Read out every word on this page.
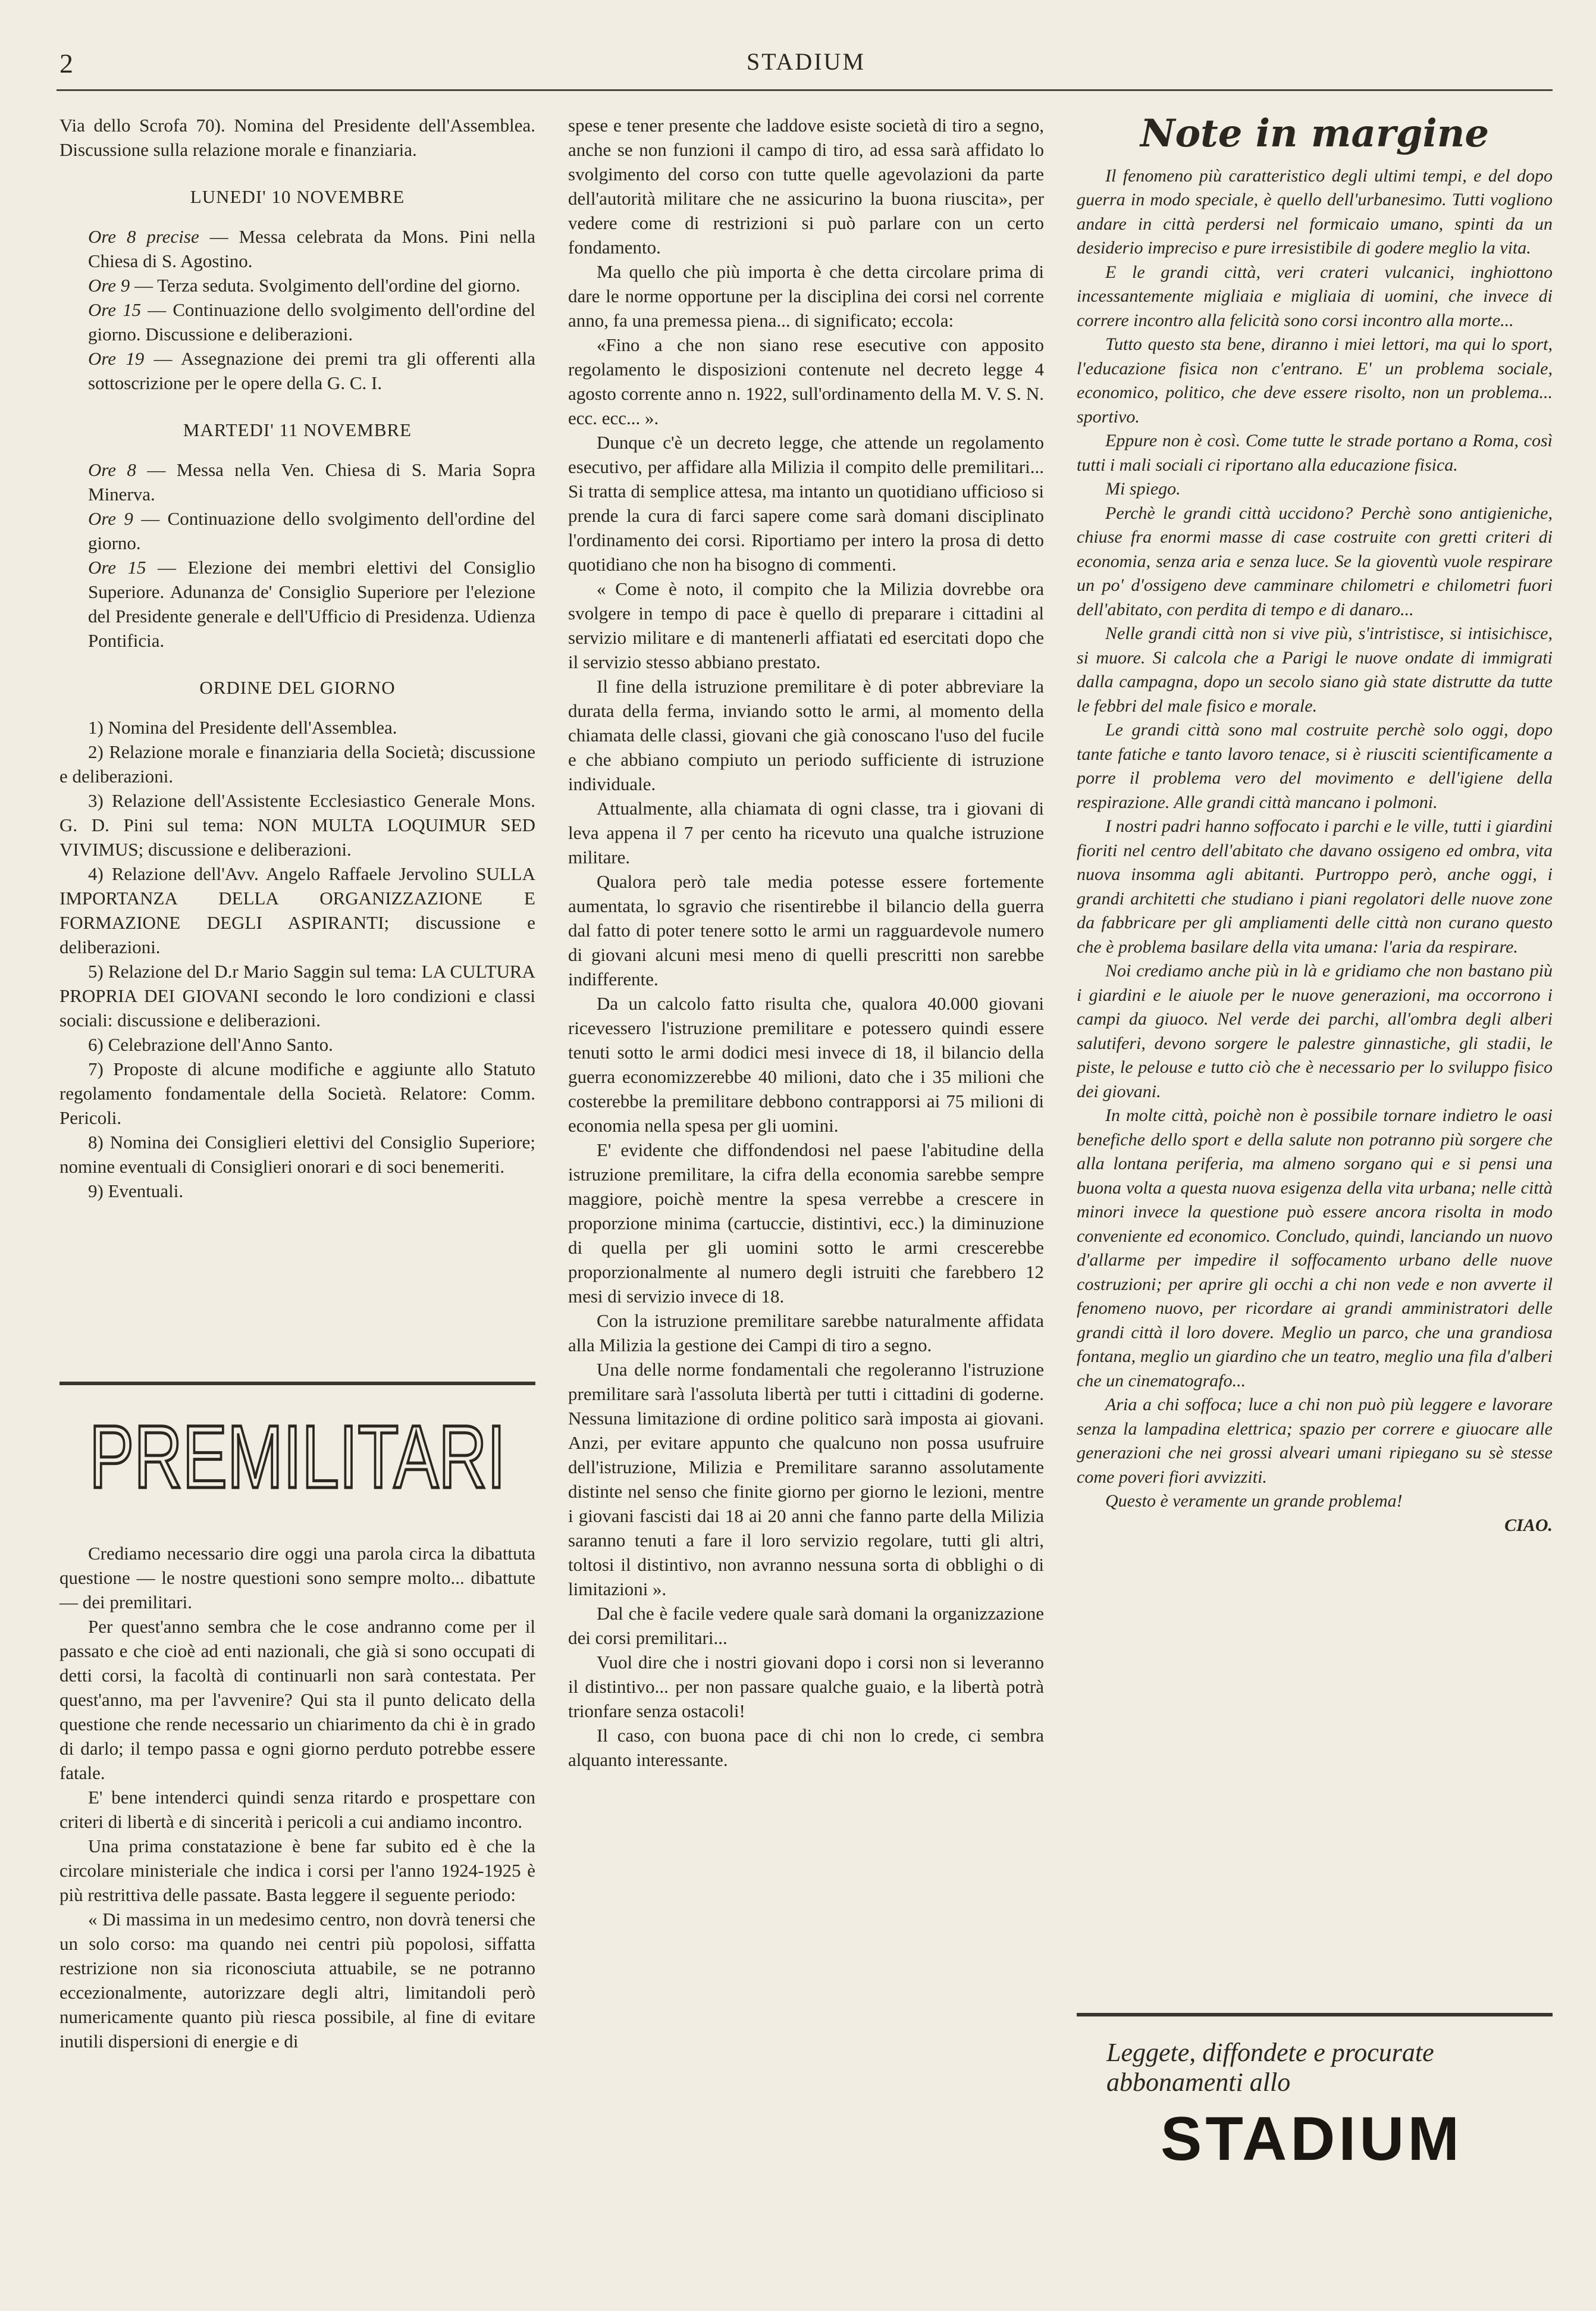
2	STADIUM

Via dello Scrofa 70). Nomina del Presidente dell'Assemblea. Discussione sulla relazione morale e finanziaria.

LUNEDI' 10 NOVEMBRE

Ore 8 precise — Messa celebrata da Mons. Pini nella Chiesa di S. Agostino.

Ore 9 — Terza seduta. Svolgimento dell'ordine del giorno.

Ore 15 — Continuazione dello svolgimento dell'ordine del giorno. Discussione e deliberazioni.

Ore 19 — Assegnazione dei premi tra gli offerenti alla sottoscrizione per le opere della G. C. I.

MARTEDI' 11 NOVEMBRE

Ore 8 — Messa nella Ven. Chiesa di S. Maria Sopra Minerva.

Ore 9 — Continuazione dello svolgimento dell'ordine del giorno.

Ore 15 — Elezione dei membri elettivi del Consiglio Superiore. Adunanza de' Consiglio Superiore per l'elezione del Presidente generale e dell'Ufficio di Presidenza. Udienza Pontificia.

ORDINE DEL GIORNO

1) Nomina del Presidente dell'Assemblea.

2) Relazione morale e finanziaria della Società; discussione e deliberazioni.

3) Relazione dell'Assistente Ecclesiastico Generale Mons. G. D. Pini sul tema: NON MULTA LOQUIMUR SED VIVIMUS; discussione e deliberazioni.

4) Relazione dell'Avv. Angelo Raffaele Jervolino SULLA IMPORTANZA DELLA ORGANIZZAZIONE E FORMAZIONE DEGLI ASPIRANTI; discussione e deliberazioni.

5) Relazione del D.r Mario Saggin sul tema: LA CULTURA PROPRIA DEI GIOVANI secondo le loro condizioni e classi sociali: discussione e deliberazioni.

6) Celebrazione dell'Anno Santo.

7) Proposte di alcune modifiche e aggiunte allo Statuto regolamento fondamentale della Società. Relatore: Comm. Pericoli.

8) Nomina dei Consiglieri elettivi del Consiglio Superiore; nomine eventuali di Consiglieri onorari e di soci benemeriti.

9) Eventuali.

PREMILITARI

Crediamo necessario dire oggi una parola circa la dibattuta questione — le nostre questioni sono sempre molto... dibattute — dei premilitari.

Per quest'anno sembra che le cose andranno come per il passato e che cioè ad enti nazionali, che già si sono occupati di detti corsi, la facoltà di continuarli non sarà contestata. Per quest'anno, ma per l'avvenire? Qui sta il punto delicato della questione che rende necessario un chiarimento da chi è in grado di darlo; il tempo passa e ogni giorno perduto potrebbe essere fatale.

E' bene intenderci quindi senza ritardo e prospettare con criteri di libertà e di sincerità i pericoli a cui andiamo incontro.

Una prima constatazione è bene far subito ed è che la circolare ministeriale che indica i corsi per l'anno 1924-1925 è più restrittiva delle passate. Basta leggere il seguente periodo:

« Di massima in un medesimo centro, non dovrà tenersi che un solo corso: ma quando nei centri più popolosi, siffatta restrizione non sia riconosciuta attuabile, se ne potranno eccezionalmente, autorizzare degli altri, limitandoli però numericamente quanto più riesca possibile, al fine di evitare inutili dispersioni di energie e di

spese e tener presente che laddove esiste società di tiro a segno, anche se non funzioni il campo di tiro, ad essa sarà affidato lo svolgimento del corso con tutte quelle agevolazioni da parte dell'autorità militare che ne assicurino la buona riuscita», per vedere come di restrizioni si può parlare con un certo fondamento.

Ma quello che più importa è che detta circolare prima di dare le norme opportune per la disciplina dei corsi nel corrente anno, fa una premessa piena... di significato; eccola:

«Fino a che non siano rese esecutive con apposito regolamento le disposizioni contenute nel decreto legge 4 agosto corrente anno n. 1922, sull'ordinamento della M. V. S. N. ecc. ecc... ».

Dunque c'è un decreto legge, che attende un regolamento esecutivo, per affidare alla Milizia il compito delle premilitari... Si tratta di semplice attesa, ma intanto un quotidiano ufficioso si prende la cura di farci sapere come sarà domani disciplinato l'ordinamento dei corsi. Riportiamo per intero la prosa di detto quotidiano che non ha bisogno di commenti.

« Come è noto, il compito che la Milizia dovrebbe ora svolgere in tempo di pace è quello di preparare i cittadini al servizio militare e di mantenerli affiatati ed esercitati dopo che il servizio stesso abbiano prestato.

Il fine della istruzione premilitare è di poter abbreviare la durata della ferma, inviando sotto le armi, al momento della chiamata delle classi, giovani che già conoscano l'uso del fucile e che abbiano compiuto un periodo sufficiente di istruzione individuale.

Attualmente, alla chiamata di ogni classe, tra i giovani di leva appena il 7 per cento ha ricevuto una qualche istruzione militare.

Qualora però tale media potesse essere fortemente aumentata, lo sgravio che risentirebbe il bilancio della guerra dal fatto di poter tenere sotto le armi un ragguardevole numero di giovani alcuni mesi meno di quelli prescritti non sarebbe indifferente.

Da un calcolo fatto risulta che, qualora 40.000 giovani ricevessero l'istruzione premilitare e potessero quindi essere tenuti sotto le armi dodici mesi invece di 18, il bilancio della guerra economizzerebbe 40 milioni, dato che i 35 milioni che costerebbe la premilitare debbono contrapporsi ai 75 milioni di economia nella spesa per gli uomini.

E' evidente che diffondendosi nel paese l'abitudine della istruzione premilitare, la cifra della economia sarebbe sempre maggiore, poichè mentre la spesa verrebbe a crescere in proporzione minima (cartuccie, distintivi, ecc.) la diminuzione di quella per gli uomini sotto le armi crescerebbe proporzionalmente al numero degli istruiti che farebbero 12 mesi di servizio invece di 18.

Con la istruzione premilitare sarebbe naturalmente affidata alla Milizia la gestione dei Campi di tiro a segno.

Una delle norme fondamentali che regoleranno l'istruzione premilitare sarà l'assoluta libertà per tutti i cittadini di goderne. Nessuna limitazione di ordine politico sarà imposta ai giovani. Anzi, per evitare appunto che qualcuno non possa usufruire dell'istruzione, Milizia e Premilitare saranno assolutamente distinte nel senso che finite giorno per giorno le lezioni, mentre i giovani fascisti dai 18 ai 20 anni che fanno parte della Milizia saranno tenuti a fare il loro servizio regolare, tutti gli altri, toltosi il distintivo, non avranno nessuna sorta di obblighi o di limitazioni ».

Dal che è facile vedere quale sarà domani la organizzazione dei corsi premilitari...

Vuol dire che i nostri giovani dopo i corsi non si leveranno il distintivo... per non passare qualche guaio, e la libertà potrà trionfare senza ostacoli!

Il caso, con buona pace di chi non lo crede, ci sembra alquanto interessante.

Note in margine

Il fenomeno più caratteristico degli ultimi tempi, e del dopo guerra in modo speciale, è quello dell'urbanesimo. Tutti vogliono andare in città perdersi nel formicaio umano, spinti da un desiderio impreciso e pure irresistibile di godere meglio la vita.

E le grandi città, veri crateri vulcanici, inghiottono incessantemente migliaia e migliaia di uomini, che invece di correre incontro alla felicità sono corsi incontro alla morte...

Tutto questo sta bene, diranno i miei lettori, ma qui lo sport, l'educazione fisica non c'entrano. E' un problema sociale, economico, politico, che deve essere risolto, non un problema... sportivo.

Eppure non è così. Come tutte le strade portano a Roma, così tutti i mali sociali ci riportano alla educazione fisica.

Mi spiego.

Perchè le grandi città uccidono? Perchè sono antigieniche, chiuse fra enormi masse di case costruite con gretti criteri di economia, senza aria e senza luce. Se la gioventù vuole respirare un po' d'ossigeno deve camminare chilometri e chilometri fuori dell'abitato, con perdita di tempo e di danaro...

Nelle grandi città non si vive più, s'intristisce, si intisichisce, si muore. Si calcola che a Parigi le nuove ondate di immigrati dalla campagna, dopo un secolo siano già state distrutte da tutte le febbri del male fisico e morale.

Le grandi città sono mal costruite perchè solo oggi, dopo tante fatiche e tanto lavoro tenace, si è riusciti scientificamente a porre il problema vero del movimento e dell'igiene della respirazione. Alle grandi città mancano i polmoni.

I nostri padri hanno soffocato i parchi e le ville, tutti i giardini fioriti nel centro dell'abitato che davano ossigeno ed ombra, vita nuova insomma agli abitanti. Purtroppo però, anche oggi, i grandi architetti che studiano i piani regolatori delle nuove zone da fabbricare per gli ampliamenti delle città non curano questo che è problema basilare della vita umana: l'aria da respirare.

Noi crediamo anche più in là e gridiamo che non bastano più i giardini e le aiuole per le nuove generazioni, ma occorrono i campi da giuoco. Nel verde dei parchi, all'ombra degli alberi salutiferi, devono sorgere le palestre ginnastiche, gli stadii, le piste, le pelouse e tutto ciò che è necessario per lo sviluppo fisico dei giovani.

In molte città, poichè non è possibile tornare indietro le oasi benefiche dello sport e della salute non potranno più sorgere che alla lontana periferia, ma almeno sorgano qui e si pensi una buona volta a questa nuova esigenza della vita urbana; nelle città minori invece la questione può essere ancora risolta in modo conveniente ed economico. Concludo, quindi, lanciando un nuovo d'allarme per impedire il soffocamento urbano delle nuove costruzioni; per aprire gli occhi a chi non vede e non avverte il fenomeno nuovo, per ricordare ai grandi amministratori delle grandi città il loro dovere. Meglio un parco, che una grandiosa fontana, meglio un giardino che un teatro, meglio una fila d'alberi che un cinematografo...

Aria a chi soffoca; luce a chi non può più leggere e lavorare senza la lampadina elettrica; spazio per correre e giuocare alle generazioni che nei grossi alveari umani ripiegano su sè stesse come poveri fiori avvizziti.

Questo è veramente un grande problema!

CIAO.

Leggete, diffondete e procurate abbonamenti allo
STADIUM
